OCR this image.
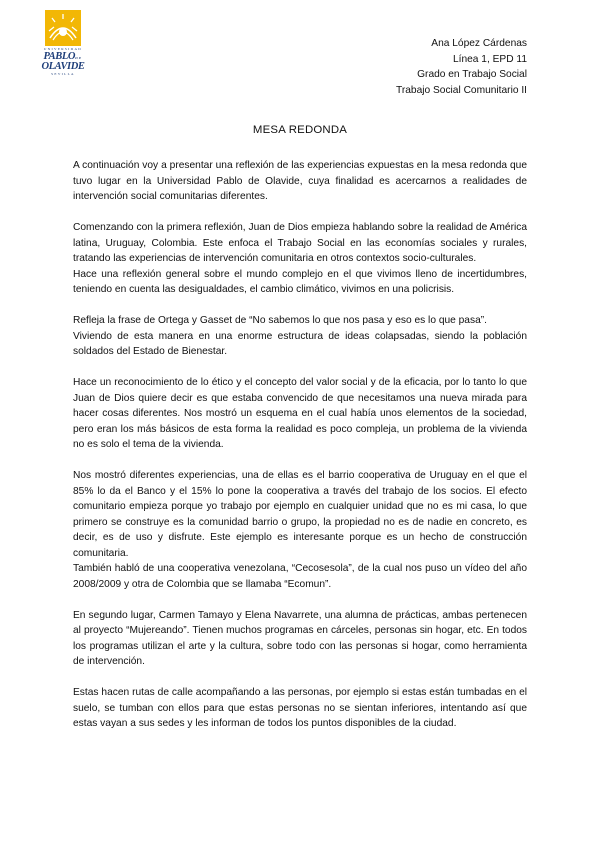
UNIVERSIDAD
PABLODE
OLAVIDE
SEVILLA
Ana López Cárdenas
Línea 1, EPD 11
Grado en Trabajo Social
Trabajo Social Comunitario II
MESA REDONDA

A continuación voy a presentar una reflexión de las experiencias expuestas en la mesa redonda que tuvo lugar en la Universidad Pablo de Olavide, cuya finalidad es acercarnos a realidades de intervención social comunitarias diferentes.

Comenzando con la primera reflexión, Juan de Dios empieza hablando sobre la realidad de América latina, Uruguay, Colombia. Este enfoca el Trabajo Social en las economías sociales y rurales, tratando las experiencias de intervención comunitaria en otros contextos socio-culturales.

Hace una reflexión general sobre el mundo complejo en el que vivimos lleno de incertidumbres, teniendo en cuenta las desigualdades, el cambio climático, vivimos en una policrisis.

Refleja la frase de Ortega y Gasset de “No sabemos lo que nos pasa y eso es lo que pasa”.

Viviendo de esta manera en una enorme estructura de ideas colapsadas, siendo la población soldados del Estado de Bienestar.

Hace un reconocimiento de lo ético y el concepto del valor social y de la eficacia, por lo tanto lo que Juan de Dios quiere decir es que estaba convencido de que necesitamos una nueva mirada para hacer cosas diferentes. Nos mostró un esquema en el cual había unos elementos de la sociedad, pero eran los más básicos de esta forma la realidad es poco compleja, un problema de la vivienda no es solo el tema de la vivienda.

Nos mostró diferentes experiencias, una de ellas es el barrio cooperativa de Uruguay en el que el 85% lo da el Banco y el 15% lo pone la cooperativa a través del trabajo de los socios. El efecto comunitario empieza porque yo trabajo por ejemplo en cualquier unidad que no es mi casa, lo que primero se construye es la comunidad barrio o grupo, la propiedad no es de nadie en concreto, es decir, es de uso y disfrute. Este ejemplo es interesante porque es un hecho de construcción comunitaria.

También habló de una cooperativa venezolana, “Cecosesola”, de la cual nos puso un vídeo del año 2008/2009 y otra de Colombia que se llamaba “Ecomun”.

En segundo lugar, Carmen Tamayo y Elena Navarrete, una alumna de prácticas, ambas pertenecen al proyecto “Mujereando”. Tienen muchos programas en cárceles, personas sin hogar, etc. En todos los programas utilizan el arte y la cultura, sobre todo con las personas si hogar, como herramienta de intervención.

Estas hacen rutas de calle acompañando a las personas, por ejemplo si estas están tumbadas en el suelo, se tumban con ellos para que estas personas no se sientan inferiores, intentando así que estas vayan a sus sedes y les informan de todos los puntos disponibles de la ciudad.
